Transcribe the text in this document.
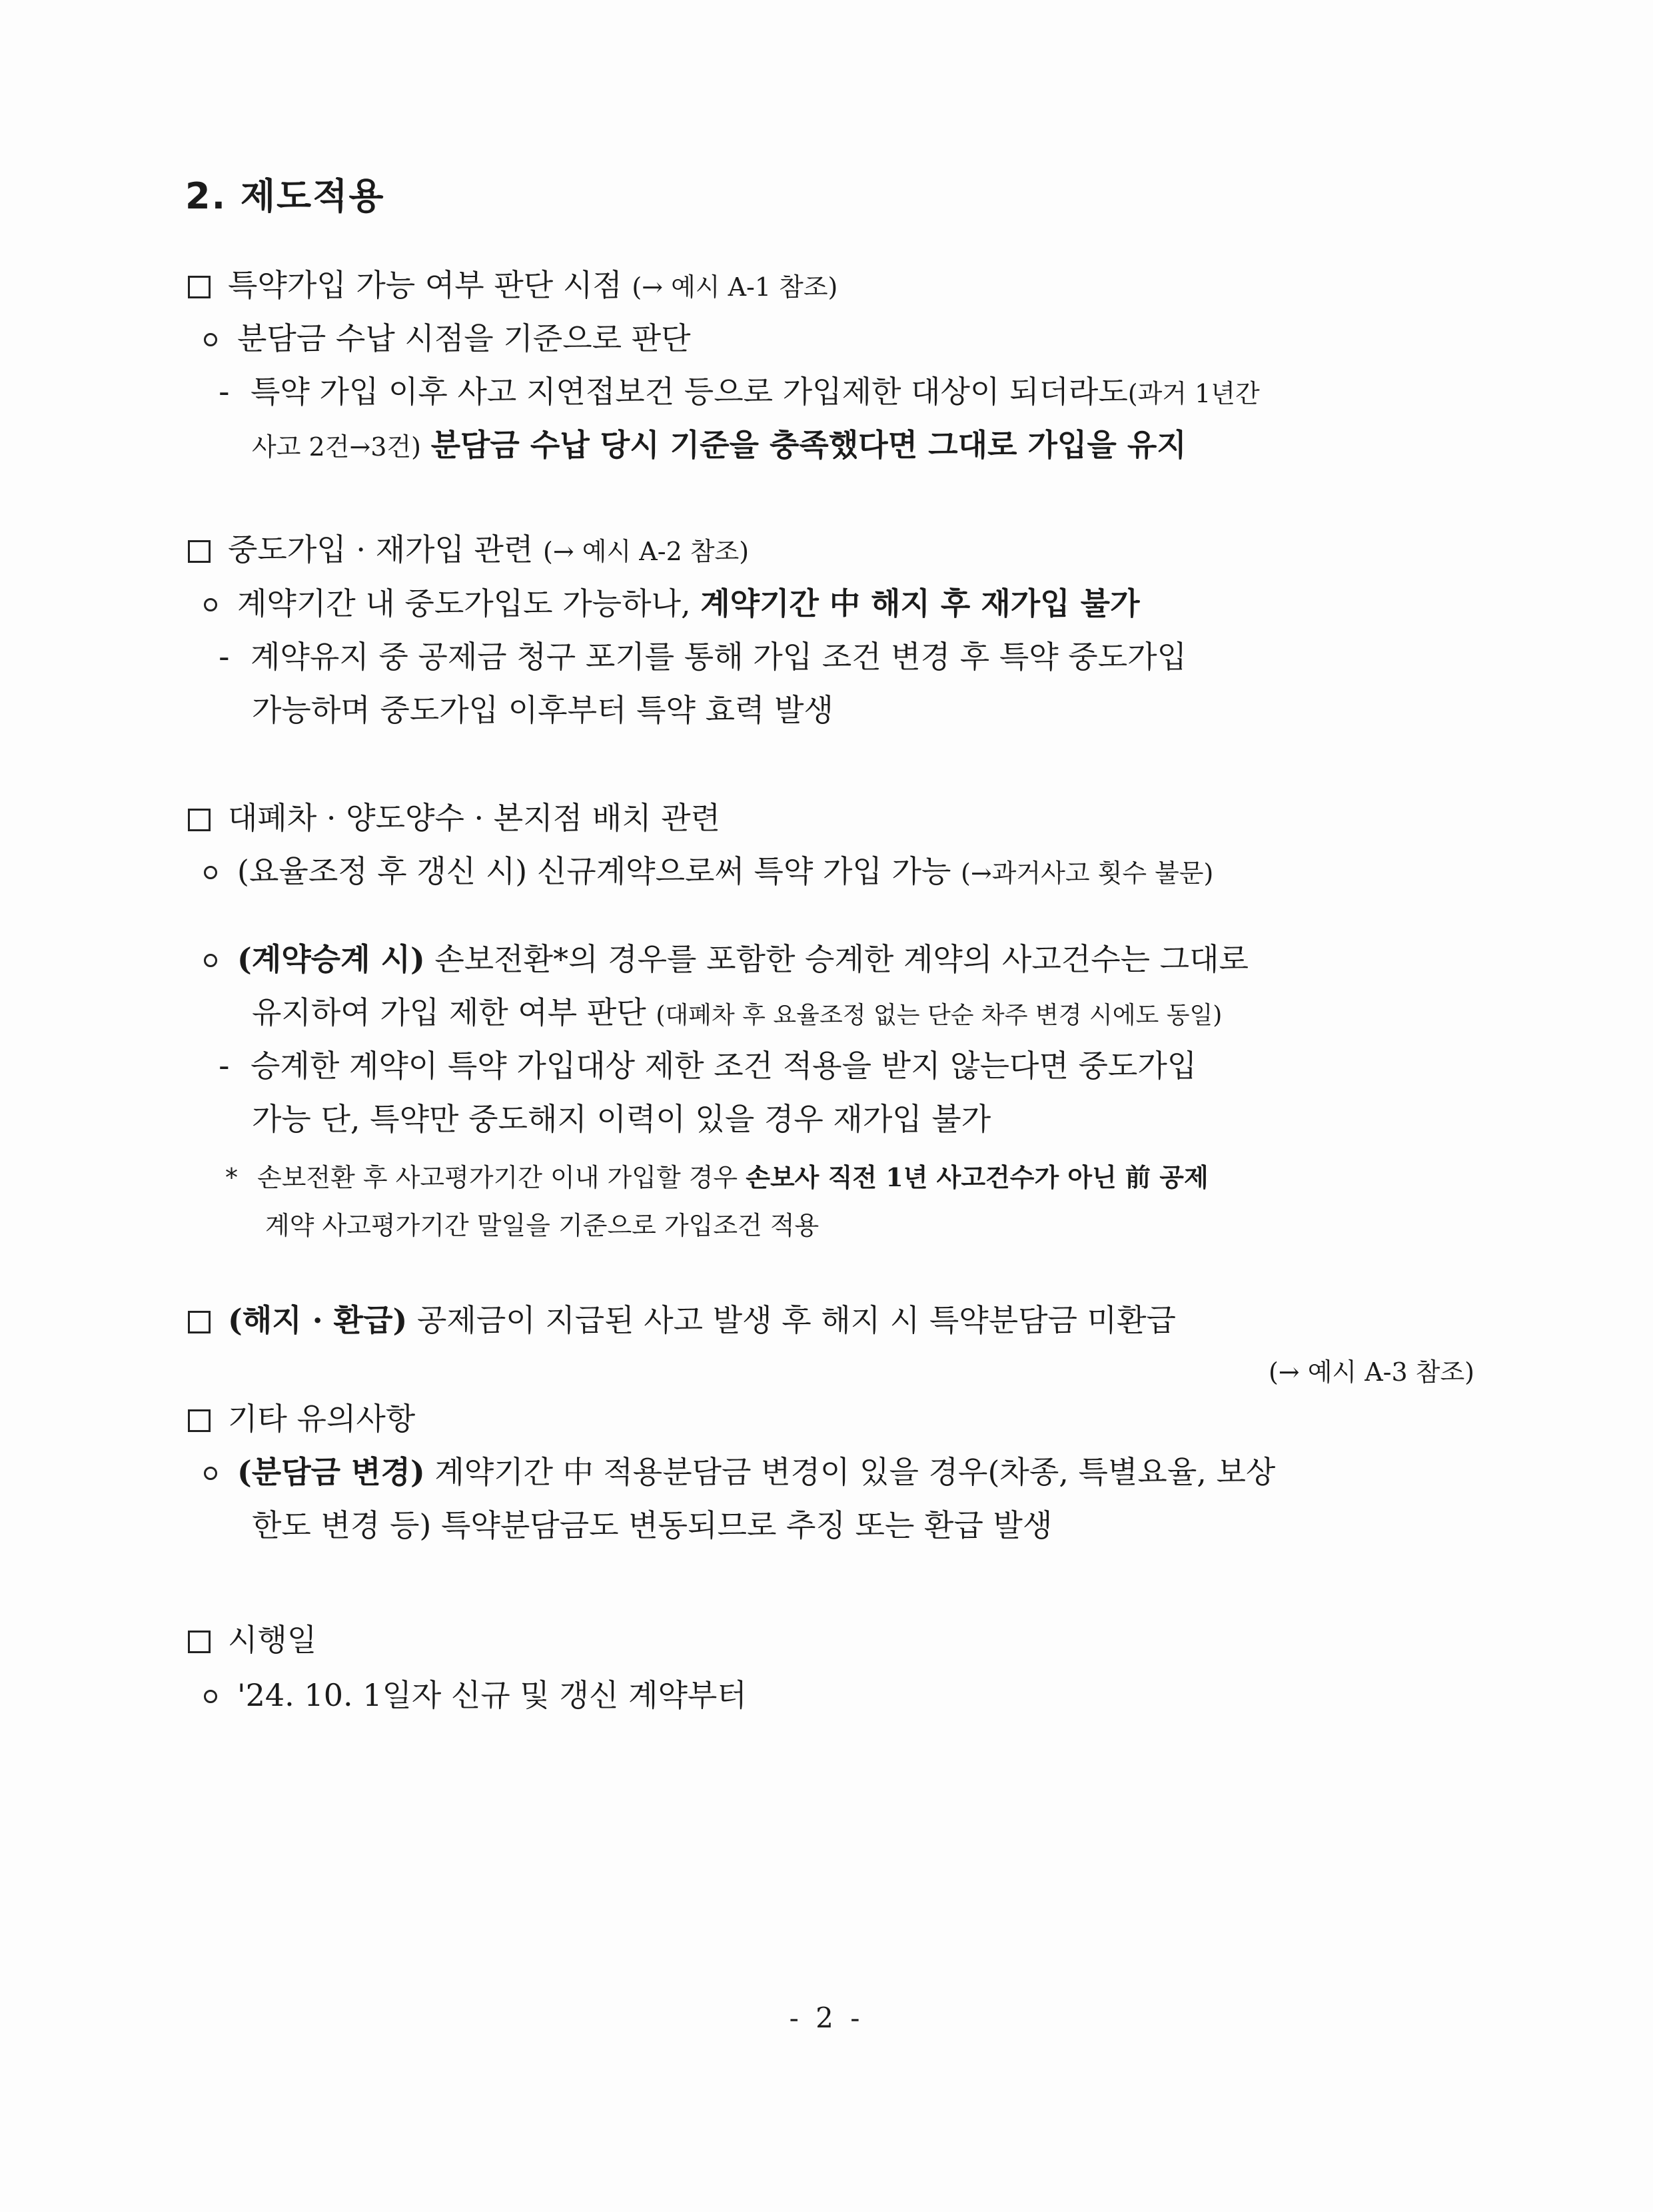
2. 제도적용
특약가입 가능 여부 판단 시점 (→ 예시 A-1 참조)
분담금 수납 시점을 기준으로 판단
- 특약 가입 이후 사고 지연접보건 등으로 가입제한 대상이 되더라도(과거 1년간
사고 2건→3건) 분담금 수납 당시 기준을 충족했다면 그대로 가입을 유지
중도가입 · 재가입 관련 (→ 예시 A-2 참조)
계약기간 내 중도가입도 가능하나, 계약기간 中 해지 후 재가입 불가
- 계약유지 중 공제금 청구 포기를 통해 가입 조건 변경 후 특약 중도가입
가능하며 중도가입 이후부터 특약 효력 발생
대폐차 · 양도양수 · 본지점 배치 관련
(요율조정 후 갱신 시) 신규계약으로써 특약 가입 가능 (→과거사고 횟수 불문)
(계약승계 시) 손보전환*의 경우를 포함한 승계한 계약의 사고건수는 그대로
유지하여 가입 제한 여부 판단 (대폐차 후 요율조정 없는 단순 차주 변경 시에도 동일)
- 승계한 계약이 특약 가입대상 제한 조건 적용을 받지 않는다면 중도가입
가능 단, 특약만 중도해지 이력이 있을 경우 재가입 불가
* 손보전환 후 사고평가기간 이내 가입할 경우 손보사 직전 1년 사고건수가 아닌 前 공제
계약 사고평가기간 말일을 기준으로 가입조건 적용
(해지 · 환급) 공제금이 지급된 사고 발생 후 해지 시 특약분담금 미환급
(→ 예시 A-3 참조)
기타 유의사항
(분담금 변경) 계약기간 中 적용분담금 변경이 있을 경우(차종, 특별요율, 보상
한도 변경 등) 특약분담금도 변동되므로 추징 또는 환급 발생
시행일
'24. 10. 1일자 신규 및 갱신 계약부터
- 2 -
